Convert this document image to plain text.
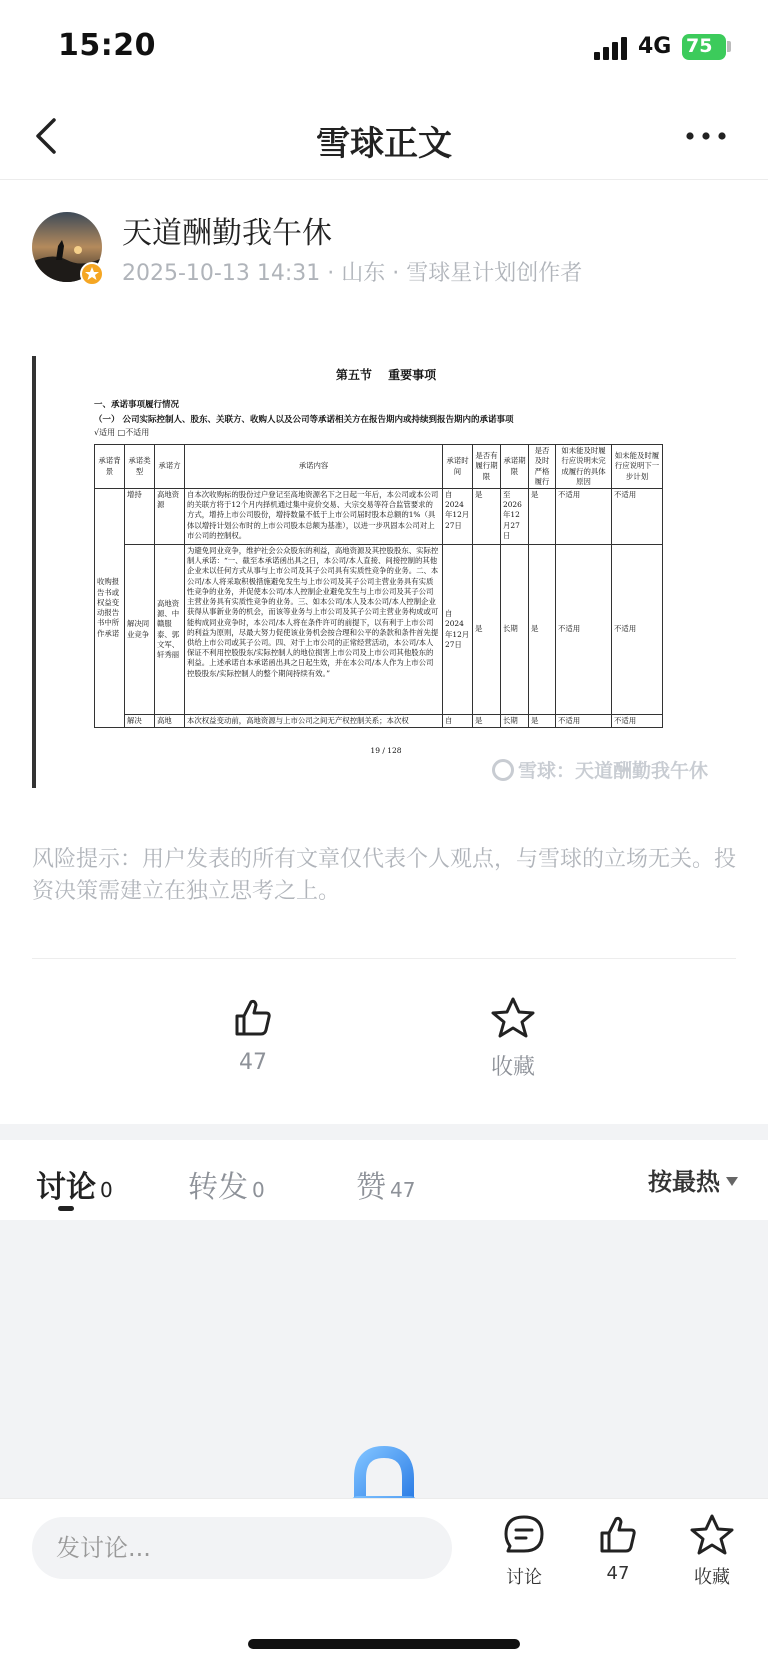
15:20	4G 75
雪球正文
天道酬勤我午休
2025-10-13 14:31 · 山东 · 雪球星计划创作者
第五节　 重要事项
一、承诺事项履行情况
（一） 公司实际控制人、股东、关联方、收购人以及公司等承诺相关方在报告期内或持续到报告期内的承诺事项
√适用 □不适用
承诺背景	承诺类型	承诺方	承诺内容	承诺时间	是否有履行期限	承诺期限	是否及时严格履行	如未能及时履行应说明未完成履行的具体原因	如未能及时履行应说明下一步计划
收购报告书或权益变动报告书中所作承诺	增持	高地资源	自本次收购标的股份过户登记至高地资源名下之日起一年后，本公司或本公司的关联方将于12个月内择机通过集中竞价交易、大宗交易等符合监管要求的方式，增持上市公司股份，增持数量不低于上市公司届时股本总额的1%（具体以增持计划公布时的上市公司股本总额为基准），以进一步巩固本公司对上市公司的控制权。	自2024年12月27日	是	至2026年12月27日	是	不适用	不适用
	解决同业竞争	高地资源、中赣服泰、郭文军、轩秀丽	为避免同业竞争，维护社会公众股东的利益，高地资源及其控股股东、实际控制人承诺：“一、截至本承诺函出具之日，本公司/本人直接、间接控制的其他企业未以任何方式从事与上市公司及其子公司具有实质性竞争的业务。二、本公司/本人将采取积极措施避免发生与上市公司及其子公司主营业务具有实质性竞争的业务，并促使本公司/本人控制企业避免发生与上市公司及其子公司主营业务具有实质性竞争的业务。三、如本公司/本人及本公司/本人控制企业获得从事新业务的机会，而该等业务与上市公司及其子公司主营业务构成或可能构成同业竞争时，本公司/本人将在条件许可的前提下，以有利于上市公司的利益为原则，尽最大努力促使该业务机会按合理和公平的条款和条件首先提供给上市公司或其子公司。四、对于上市公司的正常经营活动，本公司/本人保证不利用控股股东/实际控制人的地位损害上市公司及上市公司其他股东的利益。上述承诺自本承诺函出具之日起生效，并在本公司/本人作为上市公司控股股东/实际控制人的整个期间持续有效。”	自2024年12月27日	是	长期	是	不适用	不适用
	解决	高地	本次权益变动前，高地资源与上市公司之间无产权控制关系；本次权	自	是	长期	是	不适用	不适用
19 / 128
雪球：天道酬勤我午休
风险提示：用户发表的所有文章仅代表个人观点，与雪球的立场无关。投资决策需建立在独立思考之上。
47	收藏
讨论 0	转发 0	赞 47	按最热
发讨论...
讨论	47	收藏
